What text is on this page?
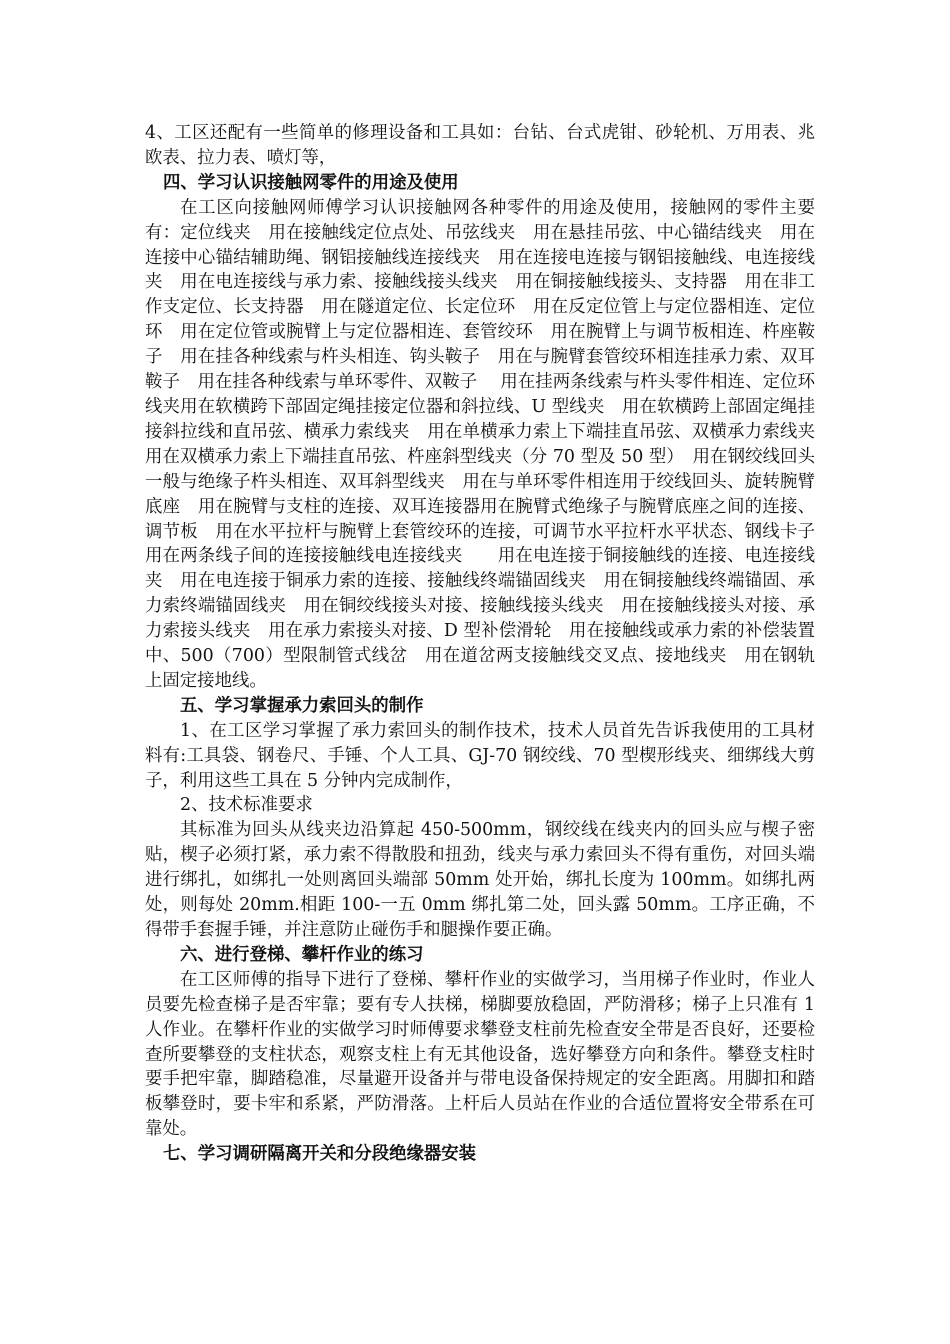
4、工区还配有一些简单的修理设备和工具如：台钻、台式虎钳、砂轮机、万用表、兆欧表、拉力表、喷灯等，

四、学习认识接触网零件的用途及使用

在工区向接触网师傅学习认识接触网各种零件的用途及使用，接触网的零件主要有：定位线夹　用在接触线定位点处、吊弦线夹　用在悬挂吊弦、中心锚结线夹　用在连接中心锚结辅助绳、钢铝接触线连接线夹　用在连接电连接与钢铝接触线、电连接线夹　用在电连接线与承力索、接触线接头线夹　用在铜接触线接头、支持器　用在非工作支定位、长支持器　用在隧道定位、长定位环　用在反定位管上与定位器相连、定位环　用在定位管或腕臂上与定位器相连、套管绞环　用在腕臂上与调节板相连、杵座鞍子　用在挂各种线索与杵头相连、钩头鞍子　用在与腕臂套管绞环相连挂承力索、双耳鞍子　用在挂各种线索与单环零件、双鞍子　 用在挂两条线索与杵头零件相连、定位环线夹用在软横跨下部固定绳挂接定位器和斜拉线、U 型线夹　用在软横跨上部固定绳挂接斜拉线和直吊弦、横承力索线夹　用在单横承力索上下端挂直吊弦、双横承力索线夹　用在双横承力索上下端挂直吊弦、杵座斜型线夹（分 70 型及 50 型）　用在钢绞线回头一般与绝缘子杵头相连、双耳斜型线夹　用在与单环零件相连用于绞线回头、旋转腕臂底座　用在腕臂与支柱的连接、双耳连接器用在腕臂式绝缘子与腕臂底座之间的连接、调节板　用在水平拉杆与腕臂上套管绞环的连接，可调节水平拉杆水平状态、钢线卡子　用在两条线子间的连接接触线电连接线夹　　用在电连接于铜接触线的连接、电连接线夹　用在电连接于铜承力索的连接、接触线终端锚固线夹　用在铜接触线终端锚固、承力索终端锚固线夹　用在铜绞线接头对接、接触线接头线夹　用在接触线接头对接、承力索接头线夹　用在承力索接头对接、D 型补偿滑轮　用在接触线或承力索的补偿装置中、500（700）型限制管式线岔　用在道岔两支接触线交叉点、接地线夹　用在钢轨上固定接地线。

五、学习掌握承力索回头的制作

1、在工区学习掌握了承力索回头的制作技术，技术人员首先告诉我使用的工具材料有:工具袋、钢卷尺、手锤、个人工具、GJ-70 钢绞线、70 型楔形线夹、细绑线大剪子，利用这些工具在 5 分钟内完成制作，

2、技术标准要求

其标准为回头从线夹边沿算起 450-500mm，钢绞线在线夹内的回头应与楔子密贴，楔子必须打紧，承力索不得散股和扭劲，线夹与承力索回头不得有重伤，对回头端进行绑扎，如绑扎一处则离回头端部 50mm 处开始，绑扎长度为 100mm。如绑扎两处，则每处 20mm.相距 100-一五 0mm 绑扎第二处，回头露 50mm。工序正确，不得带手套握手锤，并注意防止碰伤手和腿操作要正确。

六、进行登梯、攀杆作业的练习

在工区师傅的指导下进行了登梯、攀杆作业的实做学习，当用梯子作业时，作业人员要先检查梯子是否牢靠；要有专人扶梯，梯脚要放稳固，严防滑移；梯子上只准有 1 人作业。在攀杆作业的实做学习时师傅要求攀登支柱前先检查安全带是否良好，还要检查所要攀登的支柱状态，观察支柱上有无其他设备，选好攀登方向和条件。攀登支柱时要手把牢靠，脚踏稳准，尽量避开设备并与带电设备保持规定的安全距离。用脚扣和踏板攀登时，要卡牢和系紧，严防滑落。上杆后人员站在作业的合适位置将安全带系在可靠处。

七、学习调研隔离开关和分段绝缘器安装
